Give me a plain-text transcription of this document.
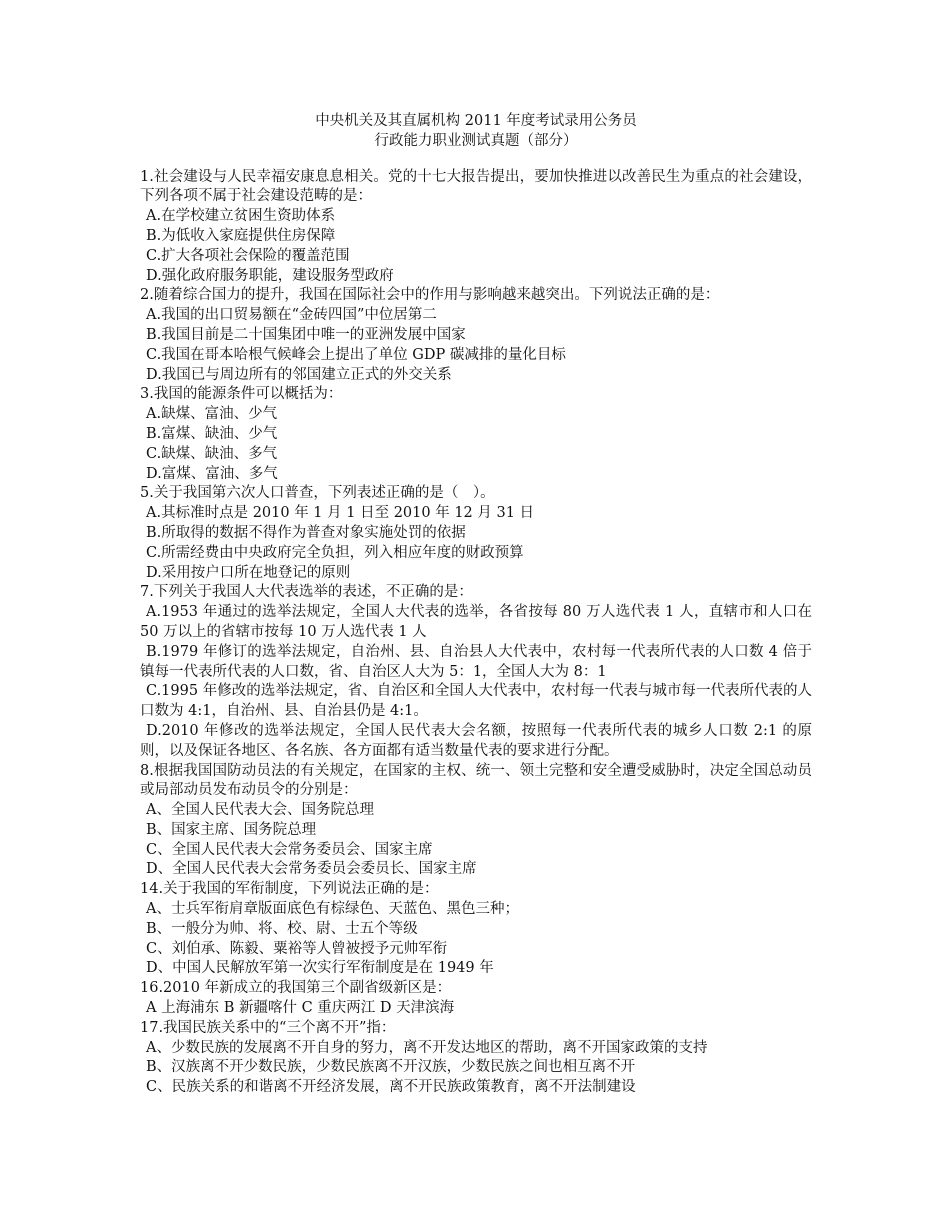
中央机关及其直属机构 2011 年度考试录用公务员

行政能力职业测试真题（部分）

1.社会建设与人民幸福安康息息相关。党的十七大报告提出，要加快推进以改善民生为重点的社会建设，下列各项不属于社会建设范畴的是：

A.在学校建立贫困生资助体系

B.为低收入家庭提供住房保障

C.扩大各项社会保险的覆盖范围

D.强化政府服务职能，建设服务型政府

2.随着综合国力的提升，我国在国际社会中的作用与影响越来越突出。下列说法正确的是：

A.我国的出口贸易额在“金砖四国”中位居第二

B.我国目前是二十国集团中唯一的亚洲发展中国家

C.我国在哥本哈根气候峰会上提出了单位 GDP 碳减排的量化目标

D.我国已与周边所有的邻国建立正式的外交关系

3.我国的能源条件可以概括为：

A.缺煤、富油、少气

B.富煤、缺油、少气

C.缺煤、缺油、多气

D.富煤、富油、多气

5.关于我国第六次人口普查，下列表述正确的是（　）。

A.其标准时点是 2010 年 1 月 1 日至 2010 年 12 月 31 日

B.所取得的数据不得作为普查对象实施处罚的依据

C.所需经费由中央政府完全负担，列入相应年度的财政预算

D.采用按户口所在地登记的原则

7.下列关于我国人大代表选举的表述，不正确的是：

A.1953 年通过的选举法规定，全国人大代表的选举，各省按每 80 万人选代表 1 人，直辖市和人口在 50 万以上的省辖市按每 10 万人选代表 1 人

B.1979 年修订的选举法规定，自治州、县、自治县人大代表中，农村每一代表所代表的人口数 4 倍于镇每一代表所代表的人口数，省、自治区人大为 5：1，全国人大为 8：1

C.1995 年修改的选举法规定，省、自治区和全国人大代表中，农村每一代表与城市每一代表所代表的人口数为 4:1，自治州、县、自治县仍是 4:1。

D.2010 年修改的选举法规定，全国人民代表大会名额，按照每一代表所代表的城乡人口数 2:1 的原则，以及保证各地区、各名族、各方面都有适当数量代表的要求进行分配。

8.根据我国国防动员法的有关规定，在国家的主权、统一、领土完整和安全遭受威胁时，决定全国总动员或局部动员发布动员令的分别是：

A、全国人民代表大会、国务院总理

B、国家主席、国务院总理

C、全国人民代表大会常务委员会、国家主席

D、全国人民代表大会常务委员会委员长、国家主席

14.关于我国的军衔制度，下列说法正确的是：

A、士兵军衔肩章版面底色有棕绿色、天蓝色、黑色三种；

B、一般分为帅、将、校、尉、士五个等级

C、刘伯承、陈毅、粟裕等人曾被授予元帅军衔

D、中国人民解放军第一次实行军衔制度是在 1949 年

16.2010 年新成立的我国第三个副省级新区是：

A 上海浦东 B 新疆喀什 C 重庆两江 D 天津滨海

17.我国民族关系中的“三个离不开”指：

A、少数民族的发展离不开自身的努力，离不开发达地区的帮助，离不开国家政策的支持

B、汉族离不开少数民族，少数民族离不开汉族，少数民族之间也相互离不开

C、民族关系的和谐离不开经济发展，离不开民族政策教育，离不开法制建设
